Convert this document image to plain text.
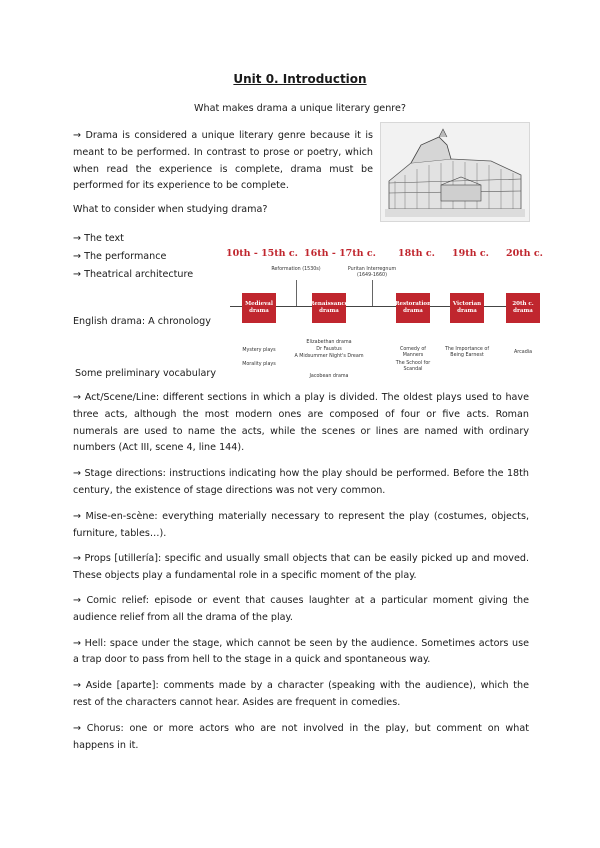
Unit 0. Introduction
What makes drama a unique literary genre?
→ Drama is considered a unique literary genre because it is meant to be performed. In contrast to prose or poetry, which when read the experience is complete, drama must be performed for its experience to be complete.
What to consider when studying drama?
→ The text
→ The performance
→ Theatrical architecture
English drama: A chronology
Some preliminary vocabulary
10th - 15th c. 16th - 17th c. 18th c. 19th c. 20th c.
Reformation (1530s)	Puritan Interregnum (1649-1660)
Medieval drama
Renaissance drama
Restoration drama
Victorian drama
20th c. drama
Mystery plays
Morality plays
Elizabethan drama
Dr Faustus
A Midsummer Night's Dream
Jacobean drama
Comedy of Manners
The School for Scandal
The Importance of Being Earnest
Arcadia

→ Act/Scene/Line: different sections in which a play is divided. The oldest plays used to have three acts, although the most modern ones are composed of four or five acts. Roman numerals are used to name the acts, while the scenes or lines are named with ordinary numbers (Act III, scene 4, line 144).

→ Stage directions: instructions indicating how the play should be performed. Before the 18th century, the existence of stage directions was not very common.

→ Mise-en-scène: everything materially necessary to represent the play (costumes, objects, furniture, tables…).

→ Props [utillería]: specific and usually small objects that can be easily picked up and moved. These objects play a fundamental role in a specific moment of the play.

→ Comic relief: episode or event that causes laughter at a particular moment giving the audience relief from all the drama of the play.

→ Hell: space under the stage, which cannot be seen by the audience. Sometimes actors use a trap door to pass from hell to the stage in a quick and spontaneous way.

→ Aside [aparte]: comments made by a character (speaking with the audience), which the rest of the characters cannot hear. Asides are frequent in comedies.

→ Chorus: one or more actors who are not involved in the play, but comment on what happens in it.
